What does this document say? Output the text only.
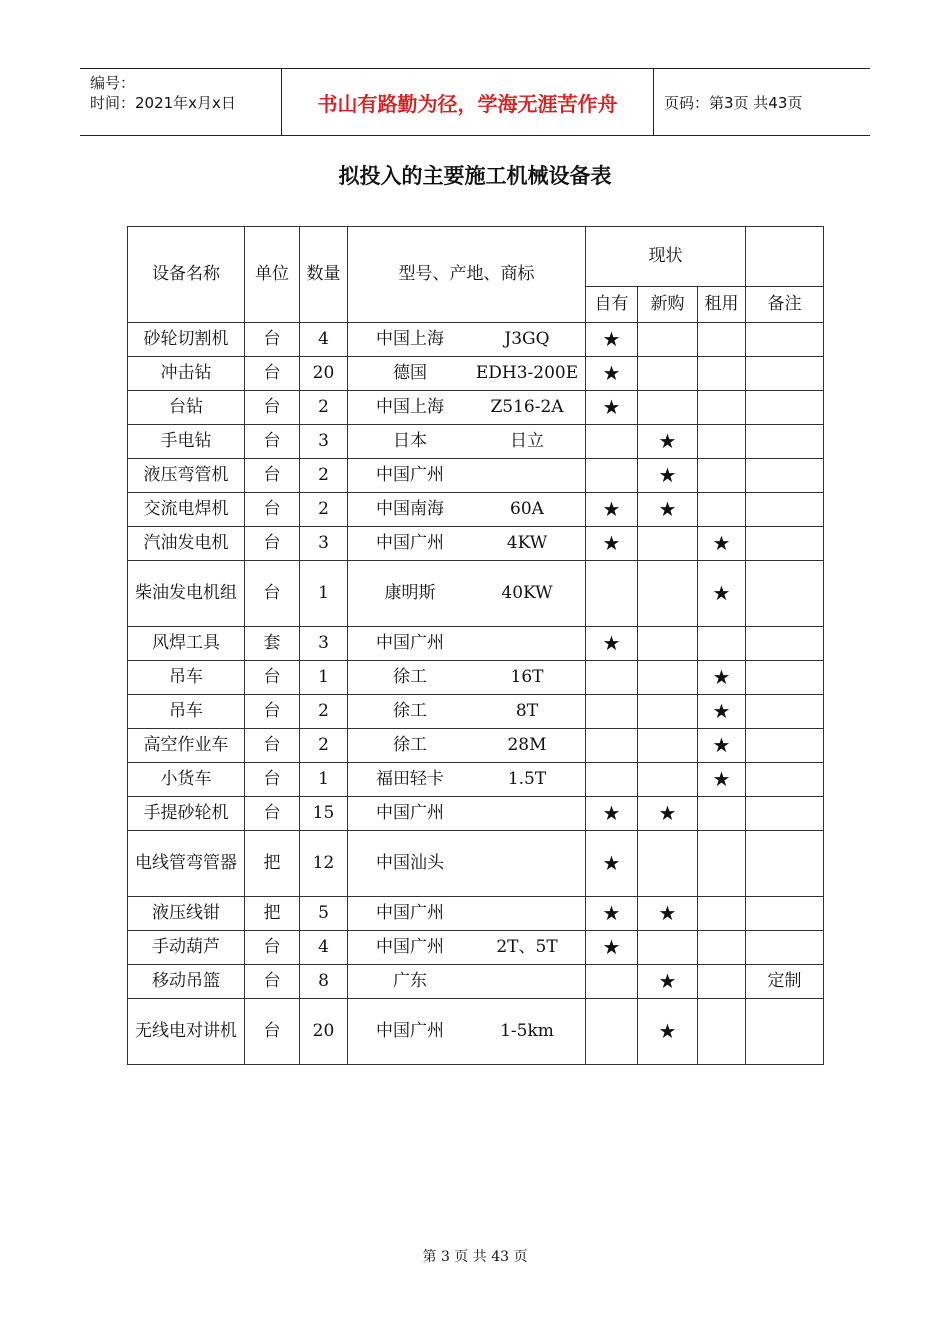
编号：
时间：2021年x月x日	书山有路勤为径，学海无涯苦作舟	页码：第3页 共43页
拟投入的主要施工机械设备表
设备名称	单位	数量	型号、产地、商标	现状			
				自有	新购	租用	备注
砂轮切割机	台	4	中国上海 J3GQ	★			
冲击钻	台	20	德国 EDH3-200E	★			
台钻	台	2	中国上海 Z516-2A	★			
手电钻	台	3	日本 日立		★		
液压弯管机	台	2	中国广州		★		
交流电焊机	台	2	中国南海 60A	★	★		
汽油发电机	台	3	中国广州 4KW	★		★	
柴油发电机组	台	1	康明斯 40KW			★	
风焊工具	套	3	中国广州	★			
吊车	台	1	徐工 16T			★	
吊车	台	2	徐工 8T			★	
高空作业车	台	2	徐工 28M			★	
小货车	台	1	福田轻卡 1.5T			★	
手提砂轮机	台	15	中国广州	★	★		
电线管弯管器	把	12	中国汕头	★			
液压线钳	把	5	中国广州	★	★		
手动葫芦	台	4	中国广州 2T、5T	★			
移动吊篮	台	8	广东		★		定制
无线电对讲机	台	20	中国广州 1-5km		★		
第 3 页 共 43 页
